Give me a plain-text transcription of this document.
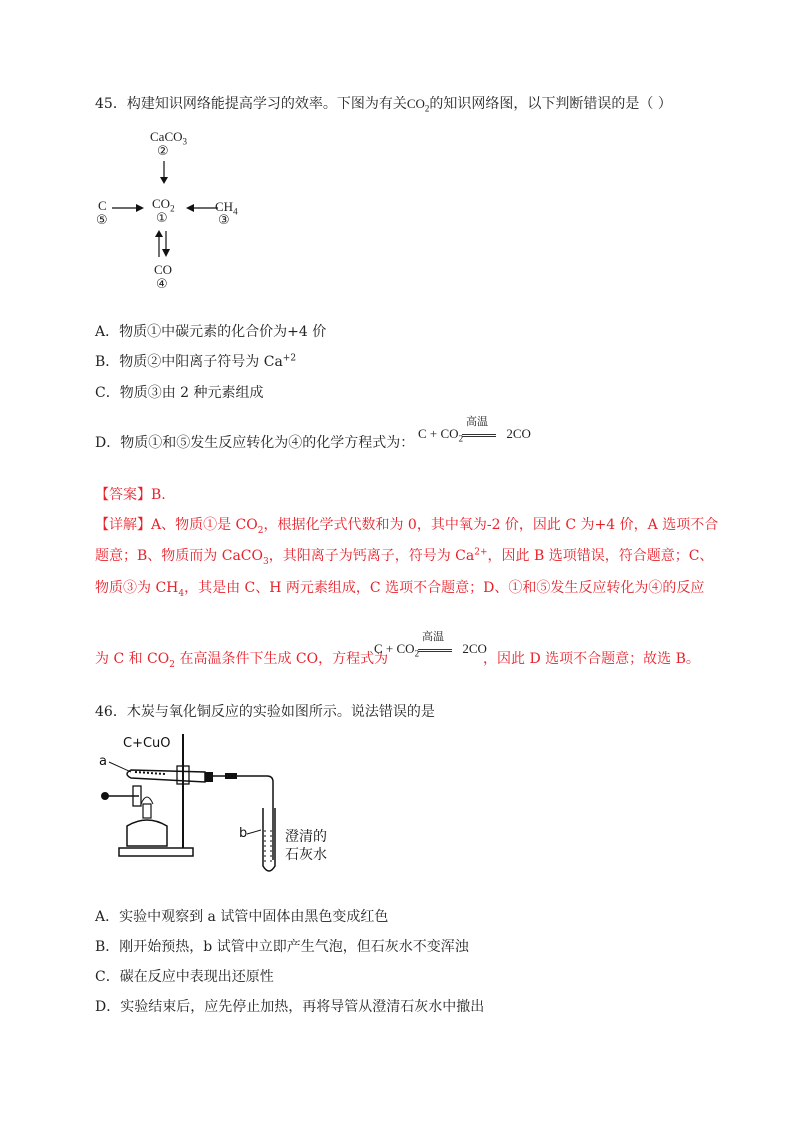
45．构建知识网络能提高学习的效率。下图为有关$CO_2$的知识网络图，以下判断错误的是（ ）
CaCO$_3$
②
C
⑤
$CO_2$
①
$CH_4$
③
CO
④
A．物质①中碳元素的化合价为+4 价
B．物质②中阳离子符号为 $Ca^{+2}$
C．物质③由 2 种元素组成
D．物质①和⑤发生反应转化为④的化学方程式为：
$C + CO_2$
高温
2CO
【答案】B.
【详解】A、物质①是 $CO_2$，根据化学式代数和为 0，其中氧为-2 价，因此 C 为+4 价，A 选项不合
题意；B、物质而为 CaCO$_3$，其阳离子为钙离子，符号为 $Ca^{2+}$，因此 B 选项错误，符合题意；C、
物质③为 $CH_4$，其是由 C、H 两元素组成，C 选项不合题意；D、①和⑤发生反应转化为④的反应
为 C 和 $CO_2$ 在高温条件下生成 CO，方程式为
$C + CO_2$
高温
2CO
，因此 D 选项不合题意；故选 B。
46．木炭与氧化铜反应的实验如图所示。说法错误的是
C+CuO
a
b	澄清的
石灰水
A．实验中观察到 a 试管中固体由黑色变成红色
B．刚开始预热，b 试管中立即产生气泡，但石灰水不变浑浊
C．碳在反应中表现出还原性
D．实验结束后，应先停止加热，再将导管从澄清石灰水中撤出
